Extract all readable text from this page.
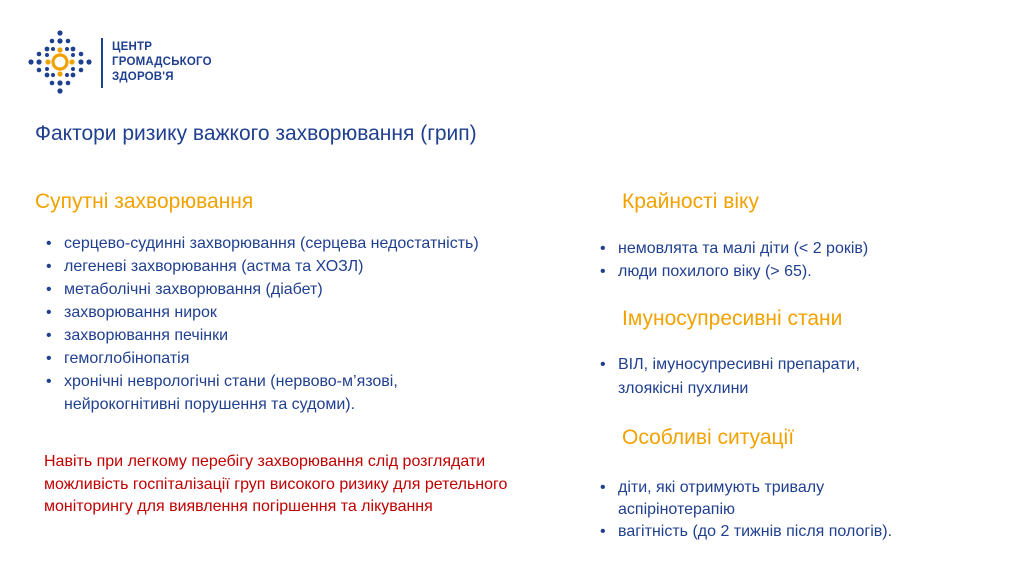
ЦЕНТР
ГРОМАДСЬКОГО
ЗДОРОВ'Я
Фактори ризику важкого захворювання (грип)
Супутні захворювання
• серцево-судинні захворювання (серцева недостатність)
• легеневі захворювання (астма та ХОЗЛ)
• метаболічні захворювання (діабет)
• захворювання нирок
• захворювання печінки
• гемоглобінопатія
• хронічні неврологічні стани (нервово-м’язові,
нейрокогнітивні порушення та судоми).
Навіть при легкому перебігу захворювання слід розглядати можливість госпіталізації груп високого ризику для ретельного моніторингу для виявлення погіршення та лікування
Крайності віку
• немовлята та малі діти (< 2 років)
• люди похилого віку (> 65).
Імуносупресивні стани
• ВІЛ, імуносупресивні препарати,
злоякісні пухлини
Особливі ситуації
• діти, які отримують тривалу
аспірінотерапію
• вагітність (до 2 тижнів після пологів).
